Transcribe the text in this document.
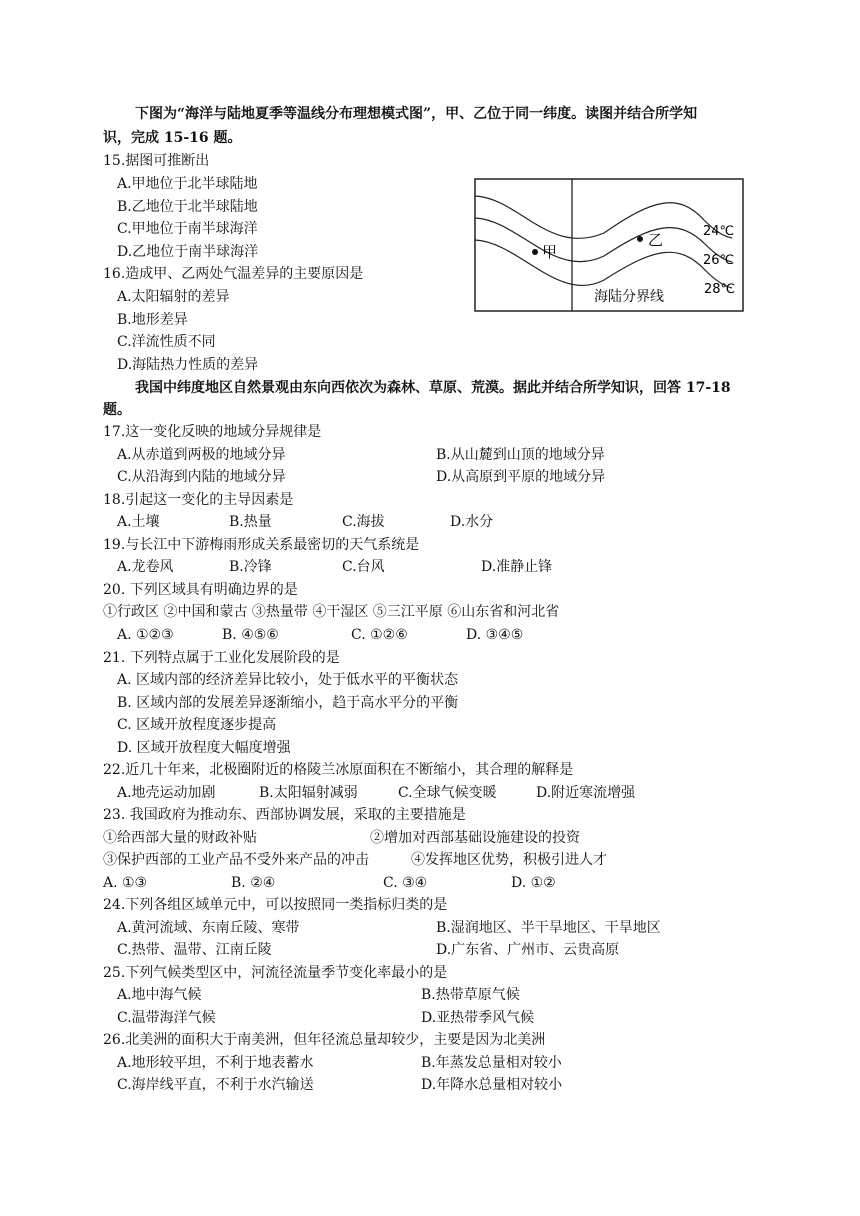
下图为“海洋与陆地夏季等温线分布理想模式图”，甲、乙位于同一纬度。读图并结合所学知
识，完成 15-16 题。
甲
乙	24℃
26℃
28℃
海陆分界线
15.据图可推断出
A.甲地位于北半球陆地
B.乙地位于北半球陆地
C.甲地位于南半球海洋
D.乙地位于南半球海洋
16.造成甲、乙两处气温差异的主要原因是
A.太阳辐射的差异
B.地形差异
C.洋流性质不同
D.海陆热力性质的差异
我国中纬度地区自然景观由东向西依次为森林、草原、荒漠。据此并结合所学知识，回答 17-18
题。
17.这一变化反映的地域分异规律是
A.从赤道到两极的地域分异	B.从山麓到山顶的地域分异
C.从沿海到内陆的地域分异	D.从高原到平原的地域分异
18.引起这一变化的主导因素是
A.土壤	B.热量	C.海拔	D.水分
19.与长江中下游梅雨形成关系最密切的天气系统是
A.龙卷风	B.冷锋	C.台风	D.准静止锋
20. 下列区域具有明确边界的是
①行政区 ②中国和蒙古 ③热量带 ④干湿区 ⑤三江平原 ⑥山东省和河北省
A. ①②③	B. ④⑤⑥	C. ①②⑥	D. ③④⑤
21. 下列特点属于工业化发展阶段的是
A. 区域内部的经济差异比较小，处于低水平的平衡状态
B. 区域内部的发展差异逐渐缩小，趋于高水平分的平衡
C. 区域开放程度逐步提高
D. 区域开放程度大幅度增强
22.近几十年来，北极圈附近的格陵兰冰原面积在不断缩小，其合理的解释是
A.地壳运动加剧	B.太阳辐射减弱	C.全球气候变暖	D.附近寒流增强
23. 我国政府为推动东、西部协调发展，采取的主要措施是
①给西部大量的财政补贴	②增加对西部基础设施建设的投资
③保护西部的工业产品不受外来产品的冲击	④发挥地区优势，积极引进人才
A. ①③	B. ②④	C. ③④	D. ①②
24.下列各组区域单元中，可以按照同一类指标归类的是
A.黄河流域、东南丘陵、寒带	B.湿润地区、半干旱地区、干旱地区
C.热带、温带、江南丘陵	D.广东省、广州市、云贵高原
25.下列气候类型区中，河流径流量季节变化率最小的是
A.地中海气候	B.热带草原气候
C.温带海洋气候	D.亚热带季风气候
26.北美洲的面积大于南美洲，但年径流总量却较少，主要是因为北美洲
A.地形较平坦，不利于地表蓄水	B.年蒸发总量相对较小
C.海岸线平直，不利于水汽输送	D.年降水总量相对较小
